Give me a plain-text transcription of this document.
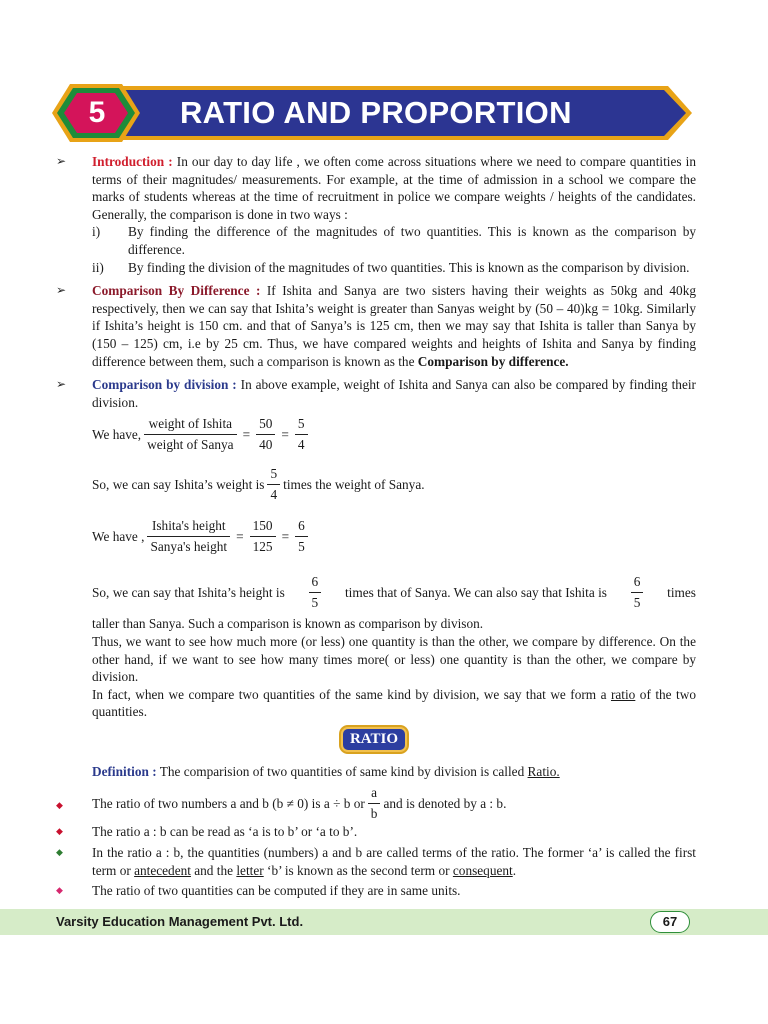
5	RATIO AND PROPORTION
➢ Introduction : In our day to day life , we often come across situations where we need to compare quantities in terms of their magnitudes/ measurements. For example, at the time of admission in a school we compare the marks of students whereas at the time of recruitment in police we compare weights / heights of the candidates. Generally, the comparison is done in two ways :
i)	By finding the difference of the magnitudes of two quantities. This is known as the comparison by difference.
ii)	By finding the division of the magnitudes of two quantities. This is known as the comparison by division.
➢ Comparison By Difference : If Ishita and Sanya are two sisters having their weights as 50kg and 40kg respectively, then we can say that Ishita’s weight is greater than Sanyas weight by (50 – 40)kg = 10kg. Similarly if Ishita’s height is 150 cm. and that of Sanya’s is 125 cm, then we may say that Ishita is taller than Sanya by (150 – 125) cm, i.e by 25 cm. Thus, we have compared weights and heights of Ishita and Sanya by finding difference between them, such a comparison is known as the Comparison by difference.
➢ Comparison by division : In above example, weight of Ishita and Sanya can also be compared by finding their division.
We have, $\frac{\text{weight of Ishita}}{\text{weight of Sanya}} = \frac{50}{40} = \frac{5}{4}$
So, we can say Ishita’s weight is $\frac{5}{4}$ times the weight of Sanya.
We have , $\frac{\text{Ishita's height}}{\text{Sanya's height}} = \frac{150}{125} = \frac{6}{5}$
So, we can say that Ishita’s height is $\frac{6}{5}$ times that of Sanya. We can also say that Ishita is $\frac{6}{5}$ times
taller than Sanya. Such a comparison is known as comparison by divison.
Thus, we want to see how much more (or less) one quantity is than the other, we compare by difference. On the other hand, if we want to see how many times more( or less) one quantity is than the other, we compare by division.
In fact, when we compare two quantities of the same kind by division, we say that we form a ratio of the two quantities.
RATIO
Definition : The comparision of two quantities of same kind by division is called Ratio.
◆ The ratio of two numbers a and b (b
≠
0) is a
÷
b or $\frac{a}{b}$ and is denoted by a : b.
◆ The ratio a : b can be read as ‘a is to b’ or ‘a to b’.
◆ In the ratio a : b, the quantities (numbers) a and b are called terms of the ratio. The former ‘a’ is called the first term or antecedent and the letter ‘b’ is known as the second term or consequent.
◆ The ratio of two quantities can be computed if they are in same units.
Varsity Education Management Pvt. Ltd.	67
